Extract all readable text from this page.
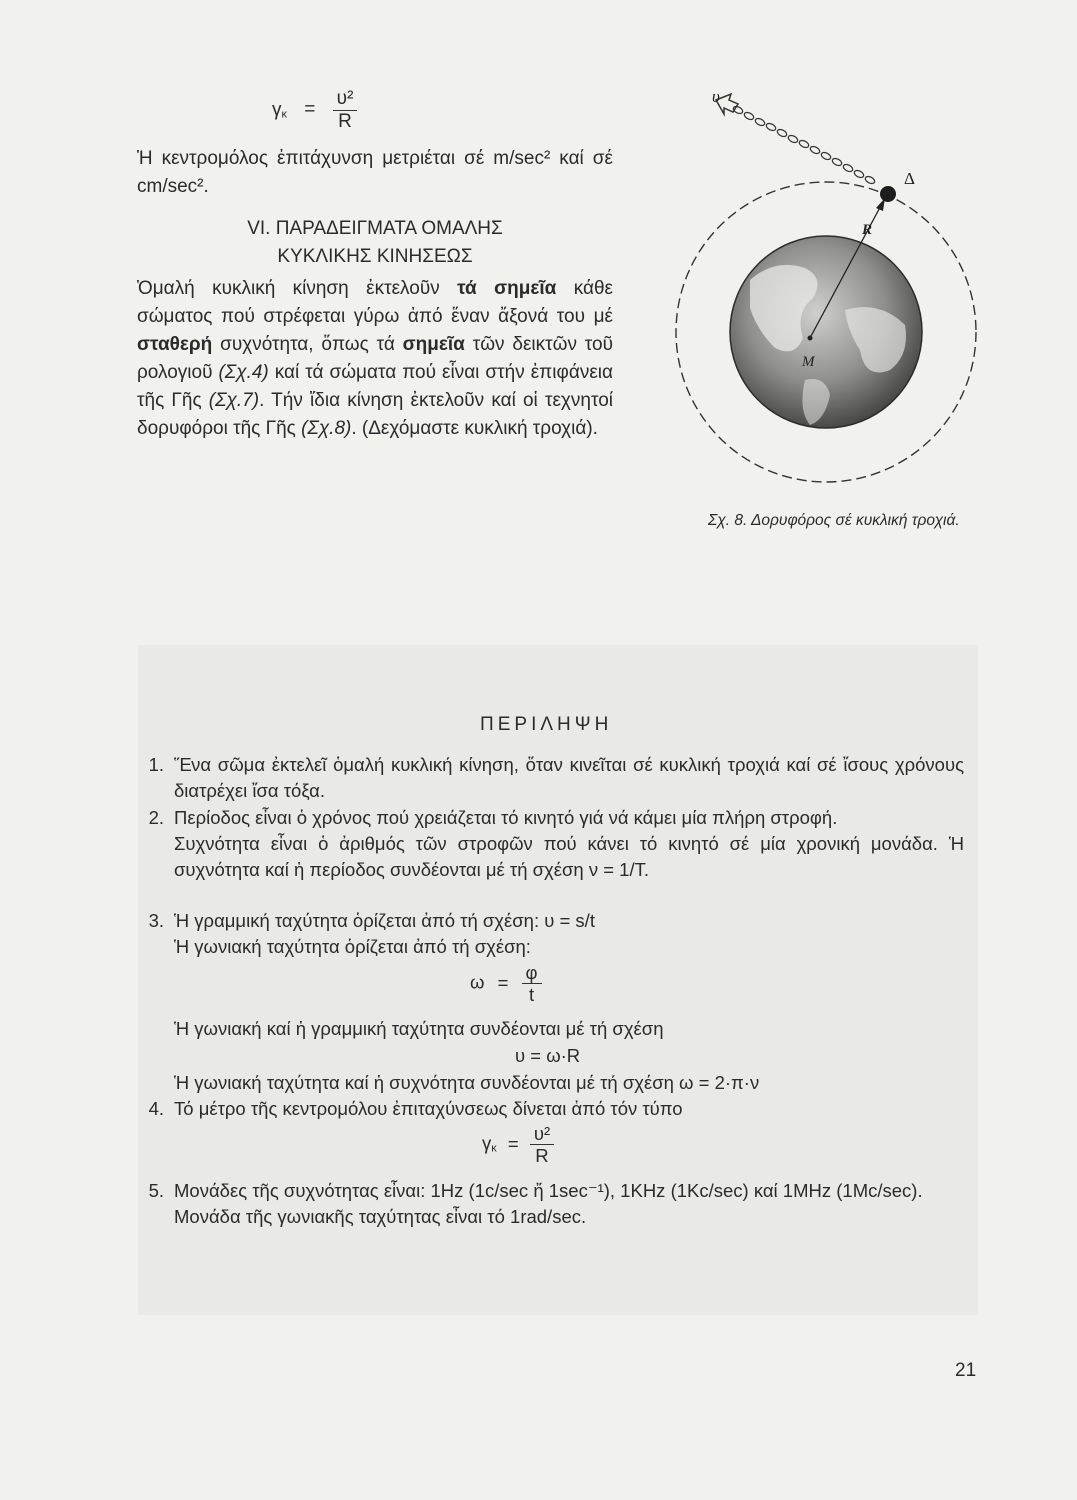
$\gamma\kappa = \frac{\text{υ²}}{R}$

Ἡ κεντρομόλος ἐπιτάχυνση μετριέται σέ m/sec² καί σέ cm/sec².

VI. ΠΑΡΑΔΕΙΓΜΑΤΑ ΟΜΑΛΗΣ

ΚΥΚΛΙΚΗΣ ΚΙΝΗΣΕΩΣ

Ὁμαλή κυκλική κίνηση ἐκτελοῦν τά σημεῖα κάθε σώματος πού στρέφεται γύρω ἀπό ἕναν ἄξονά του μέ σταθερή συχνότητα, ὅπως τά σημεῖα τῶν δεικτῶν τοῦ ρολογιοῦ (Σχ.4) καί τά σώματα πού εἶναι στήν ἐπιφάνεια τῆς Γῆς (Σχ.7). Τήν ἴδια κίνηση ἐκτελοῦν καί οἱ τεχνητοί δορυφόροι τῆς Γῆς (Σχ.8). (Δεχόμαστε κυκλική τροχιά).

υ
Δ
R
M
Σχ. 8. Δορυφόρος σέ κυκλική τροχιά.
ΠΕΡΙΛΗΨΗ
1. Ἕνα σῶμα ἐκτελεῖ ὁμαλή κυκλική κίνηση, ὅταν κινεῖται σέ κυκλική τροχιά καί σέ ἴσους χρόνους διατρέχει ἴσα τόξα.

2. Περίοδος εἶναι ὁ χρόνος πού χρειάζεται τό κινητό γιά νά κάμει μία πλήρη στροφή.

Συχνότητα εἶναι ὁ ἀριθμός τῶν στροφῶν πού κάνει τό κινητό σέ μία χρονική μονάδα. Ἡ συχνότητα καί ἡ περίοδος συνδέονται μέ τή σχέση ν = 1/Τ.

3. Ἡ γραμμική ταχύτητα ὁρίζεται ἀπό τή σχέση: υ = s/t

Ἡ γωνιακή ταχύτητα ὁρίζεται ἀπό τή σχέση:

$\omega = \frac{\varphi}{t}$

Ἡ γωνιακή καί ἡ γραμμική ταχύτητα συνδέονται μέ τή σχέση

υ = ω·R

Ἡ γωνιακή ταχύτητα καί ἡ συχνότητα συνδέονται μέ τή σχέση ω = 2·π·ν

4. Τό μέτρο τῆς κεντρομόλου ἐπιταχύνσεως δίνεται ἀπό τόν τύπο

$\gamma\kappa = \frac{\text{υ²}}{R}$
5. Μονάδες τῆς συχνότητας εἶναι: 1Hz (1c/sec ἤ 1sec⁻¹), 1KHz (1Kc/sec) καί 1MHz (1Mc/sec).

Μονάδα τῆς γωνιακῆς ταχύτητας εἶναι τό 1rad/sec.

21
